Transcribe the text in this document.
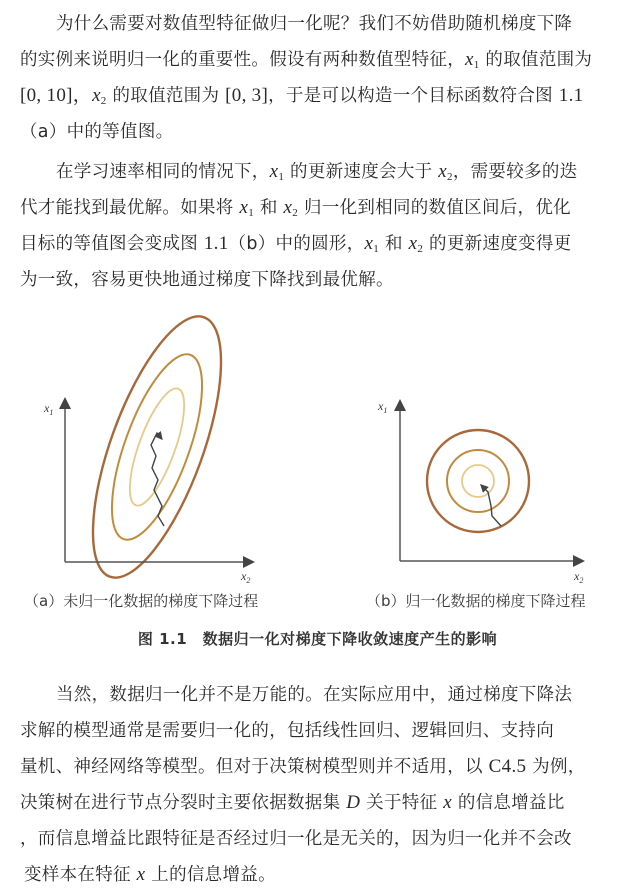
为什么需要对数值型特征做归一化呢？我们不妨借助随机梯度下降
的实例来说明归一化的重要性。假设有两种数值型特征，$x_1$ 的取值范围为
[0, 10]，$x_2$ 的取值范围为 [0, 3]，于是可以构造一个目标函数符合图 1.1
（a）中的等值图。
在学习速率相同的情况下，$x_1$ 的更新速度会大于 $x_2$，需要较多的迭
代才能找到最优解。如果将 $x_1$ 和 $x_2$ 归一化到相同的数值区间后，优化
目标的等值图会变成图 1.1（b）中的圆形，$x_1$ 和 $x_2$ 的更新速度变得更
为一致，容易更快地通过梯度下降找到最优解。
$x_1$
$x_2$
$x_1$
$x_2$
（a）未归一化数据的梯度下降过程	（b）归一化数据的梯度下降过程
图 1.1　数据归一化对梯度下降收敛速度产生的影响
当然，数据归一化并不是万能的。在实际应用中，通过梯度下降法
求解的模型通常是需要归一化的，包括线性回归、逻辑回归、支持向
量机、神经网络等模型。但对于决策树模型则并不适用，以 C4.5 为例，
决策树在进行节点分裂时主要依据数据集 D 关于特征 x 的信息增益比
，而信息增益比跟特征是否经过归一化是无关的，因为归一化并不会改
变样本在特征 x 上的信息增益。
